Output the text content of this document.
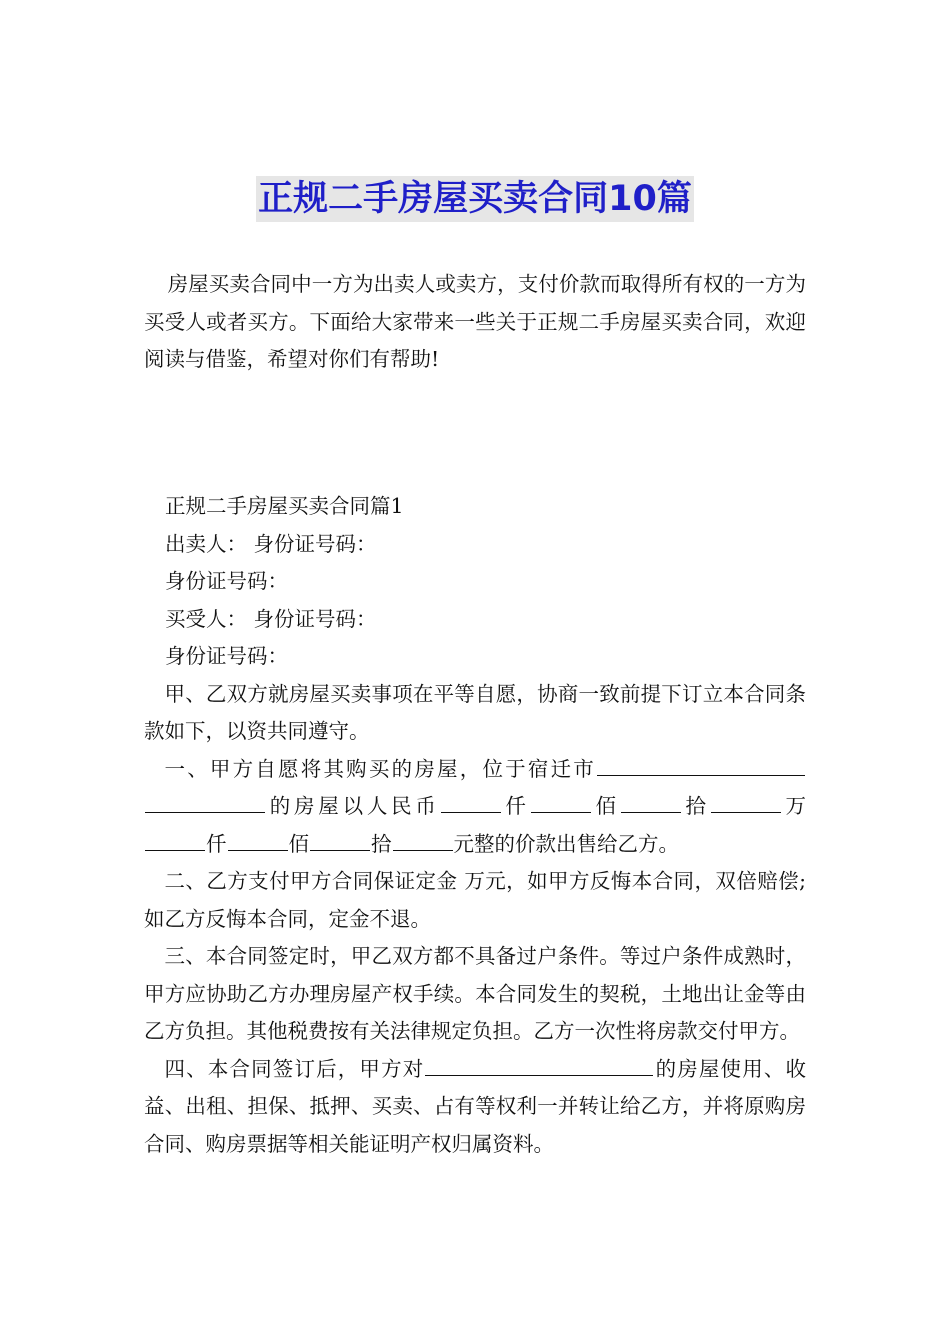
正规二手房屋买卖合同10篇

房屋买卖合同中一方为出卖人或卖方，支付价款而取得所有权的一方为买受人或者买方。下面给大家带来一些关于正规二手房屋买卖合同，欢迎阅读与借鉴，希望对你们有帮助!

正规二手房屋买卖合同篇1

出卖人： 身份证号码：

身份证号码：

买受人： 身份证号码：

身份证号码：

甲、乙双方就房屋买卖事项在平等自愿，协商一致前提下订立本合同条款如下，以资共同遵守。

一、甲方自愿将其购买的房屋，位于宿迁市的房屋以人民币	仟	佰	拾	万仟	佰	拾	元整的价款出售给乙方。

二、乙方支付甲方合同保证定金 万元，如甲方反悔本合同，双倍赔偿;如乙方反悔本合同，定金不退。

三、本合同签定时，甲乙双方都不具备过户条件。等过户条件成熟时，甲方应协助乙方办理房屋产权手续。本合同发生的契税，土地出让金等由乙方负担。其他税费按有关法律规定负担。乙方一次性将房款交付甲方。

四、本合同签订后，甲方对	的房屋使用、收益、出租、担保、抵押、买卖、占有等权利一并转让给乙方，并将原购房合同、购房票据等相关能证明产权归属资料。
